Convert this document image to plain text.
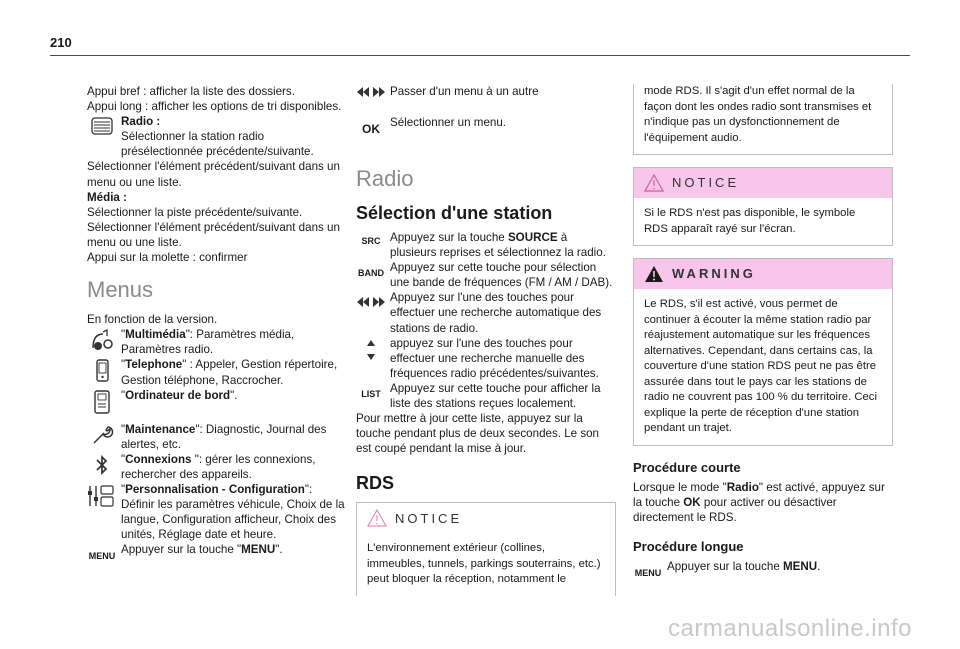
210

Appui bref : afficher la liste des dossiers.

Appui long : afficher les options de tri disponibles.

Radio :
Sélectionner la station radio présélectionnée précédente/suivante.

Sélectionner l'élément précédent/suivant dans un menu ou une liste.

Média :

Sélectionner la piste précédente/suivante.

Sélectionner l'élément précédent/suivant dans un menu ou une liste.

Appui sur la molette : confirmer

Menus

En fonction de la version.

"Multimédia": Paramètres média, Paramètres radio.
"Telephone" : Appeler, Gestion répertoire, Gestion téléphone, Raccrocher.
"Ordinateur de bord".
"Maintenance": Diagnostic, Journal des alertes, etc.
"Connexions ": gérer les connexions, rechercher des appareils.
"Personnalisation - Configuration": Définir les paramètres véhicule, Choix de la langue, Configuration afficheur, Choix des unités, Réglage date et heure.
MENU Appuyer sur la touche "MENU".
Passer d'un menu à un autre
OK Sélectionner un menu.
Radio
Sélection d'une station
SRC Appuyez sur la touche SOURCE à plusieurs reprises et sélectionnez la radio.
BAND Appuyez sur cette touche pour sélection une bande de fréquences (FM / AM / DAB).
Appuyez sur l'une des touches pour effectuer une recherche automatique des stations de radio.
appuyez sur l'une des touches pour effectuer une recherche manuelle des fréquences radio précédentes/suivantes.
LIST Appuyez sur cette touche pour afficher la liste des stations reçues localement.

Pour mettre à jour cette liste, appuyez sur la touche pendant plus de deux secondes. Le son est coupé pendant la mise à jour.

RDS
NOTICE
L'environnement extérieur (collines, immeubles, tunnels, parkings souterrains, etc.) peut bloquer la réception, notamment le
mode RDS. Il s'agit d'un effet normal de la façon dont les ondes radio sont transmises et n'indique pas un dysfonctionnement de l'équipement audio.
NOTICE
Si le RDS n'est pas disponible, le symbole RDS apparaît rayé sur l'écran.
WARNING
Le RDS, s'il est activé, vous permet de continuer à écouter la même station radio par réajustement automatique sur les fréquences alternatives. Cependant, dans certains cas, la couverture d'une station RDS peut ne pas être assurée dans tout le pays car les stations de radio ne couvrent pas 100 % du territoire. Ceci explique la perte de réception d'une station pendant un trajet.
Procédure courte

Lorsque le mode "Radio" est activé, appuyez sur la touche OK pour activer ou désactiver directement le RDS.

Procédure longue
MENU Appuyer sur la touche MENU.
carmanualsonline.info
